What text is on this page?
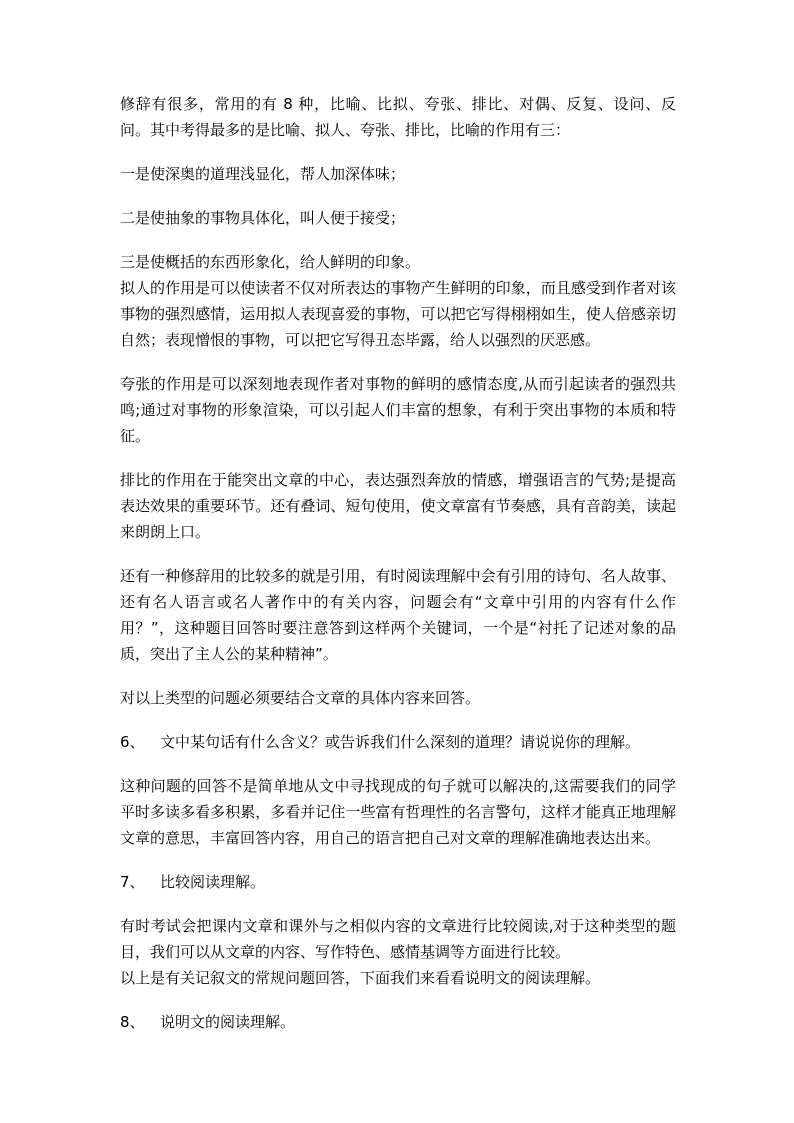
修辞有很多，常用的有 8 种，比喻、比拟、夸张、排比、对偶、反复、设问、反问。其中考得最多的是比喻、拟人、夸张、排比，比喻的作用有三：

一是使深奥的道理浅显化，帮人加深体味；

二是使抽象的事物具体化，叫人便于接受；

三是使概括的东西形象化，给人鲜明的印象。

拟人的作用是可以使读者不仅对所表达的事物产生鲜明的印象，而且感受到作者对该事物的强烈感情，运用拟人表现喜爱的事物，可以把它写得栩栩如生，使人倍感亲切自然；表现憎恨的事物，可以把它写得丑态毕露，给人以强烈的厌恶感。

夸张的作用是可以深刻地表现作者对事物的鲜明的感情态度,从而引起读者的强烈共鸣;通过对事物的形象渲染，可以引起人们丰富的想象，有利于突出事物的本质和特征。

排比的作用在于能突出文章的中心，表达强烈奔放的情感，增强语言的气势;是提高表达效果的重要环节。还有叠词、短句使用，使文章富有节奏感，具有音韵美，读起来朗朗上口。

还有一种修辞用的比较多的就是引用，有时阅读理解中会有引用的诗句、名人故事、还有名人语言或名人著作中的有关内容，问题会有“文章中引用的内容有什么作用？”，这种题目回答时要注意答到这样两个关键词，一个是“衬托了记述对象的品质，突出了主人公的某种精神”。

对以上类型的问题必须要结合文章的具体内容来回答。

6、 文中某句话有什么含义？或告诉我们什么深刻的道理？请说说你的理解。

这种问题的回答不是简单地从文中寻找现成的句子就可以解决的,这需要我们的同学平时多读多看多积累，多看并记住一些富有哲理性的名言警句，这样才能真正地理解文章的意思，丰富回答内容，用自己的语言把自己对文章的理解准确地表达出来。

7、 比较阅读理解。

有时考试会把课内文章和课外与之相似内容的文章进行比较阅读,对于这种类型的题目，我们可以从文章的内容、写作特色、感情基调等方面进行比较。

以上是有关记叙文的常规问题回答，下面我们来看看说明文的阅读理解。

8、 说明文的阅读理解。
